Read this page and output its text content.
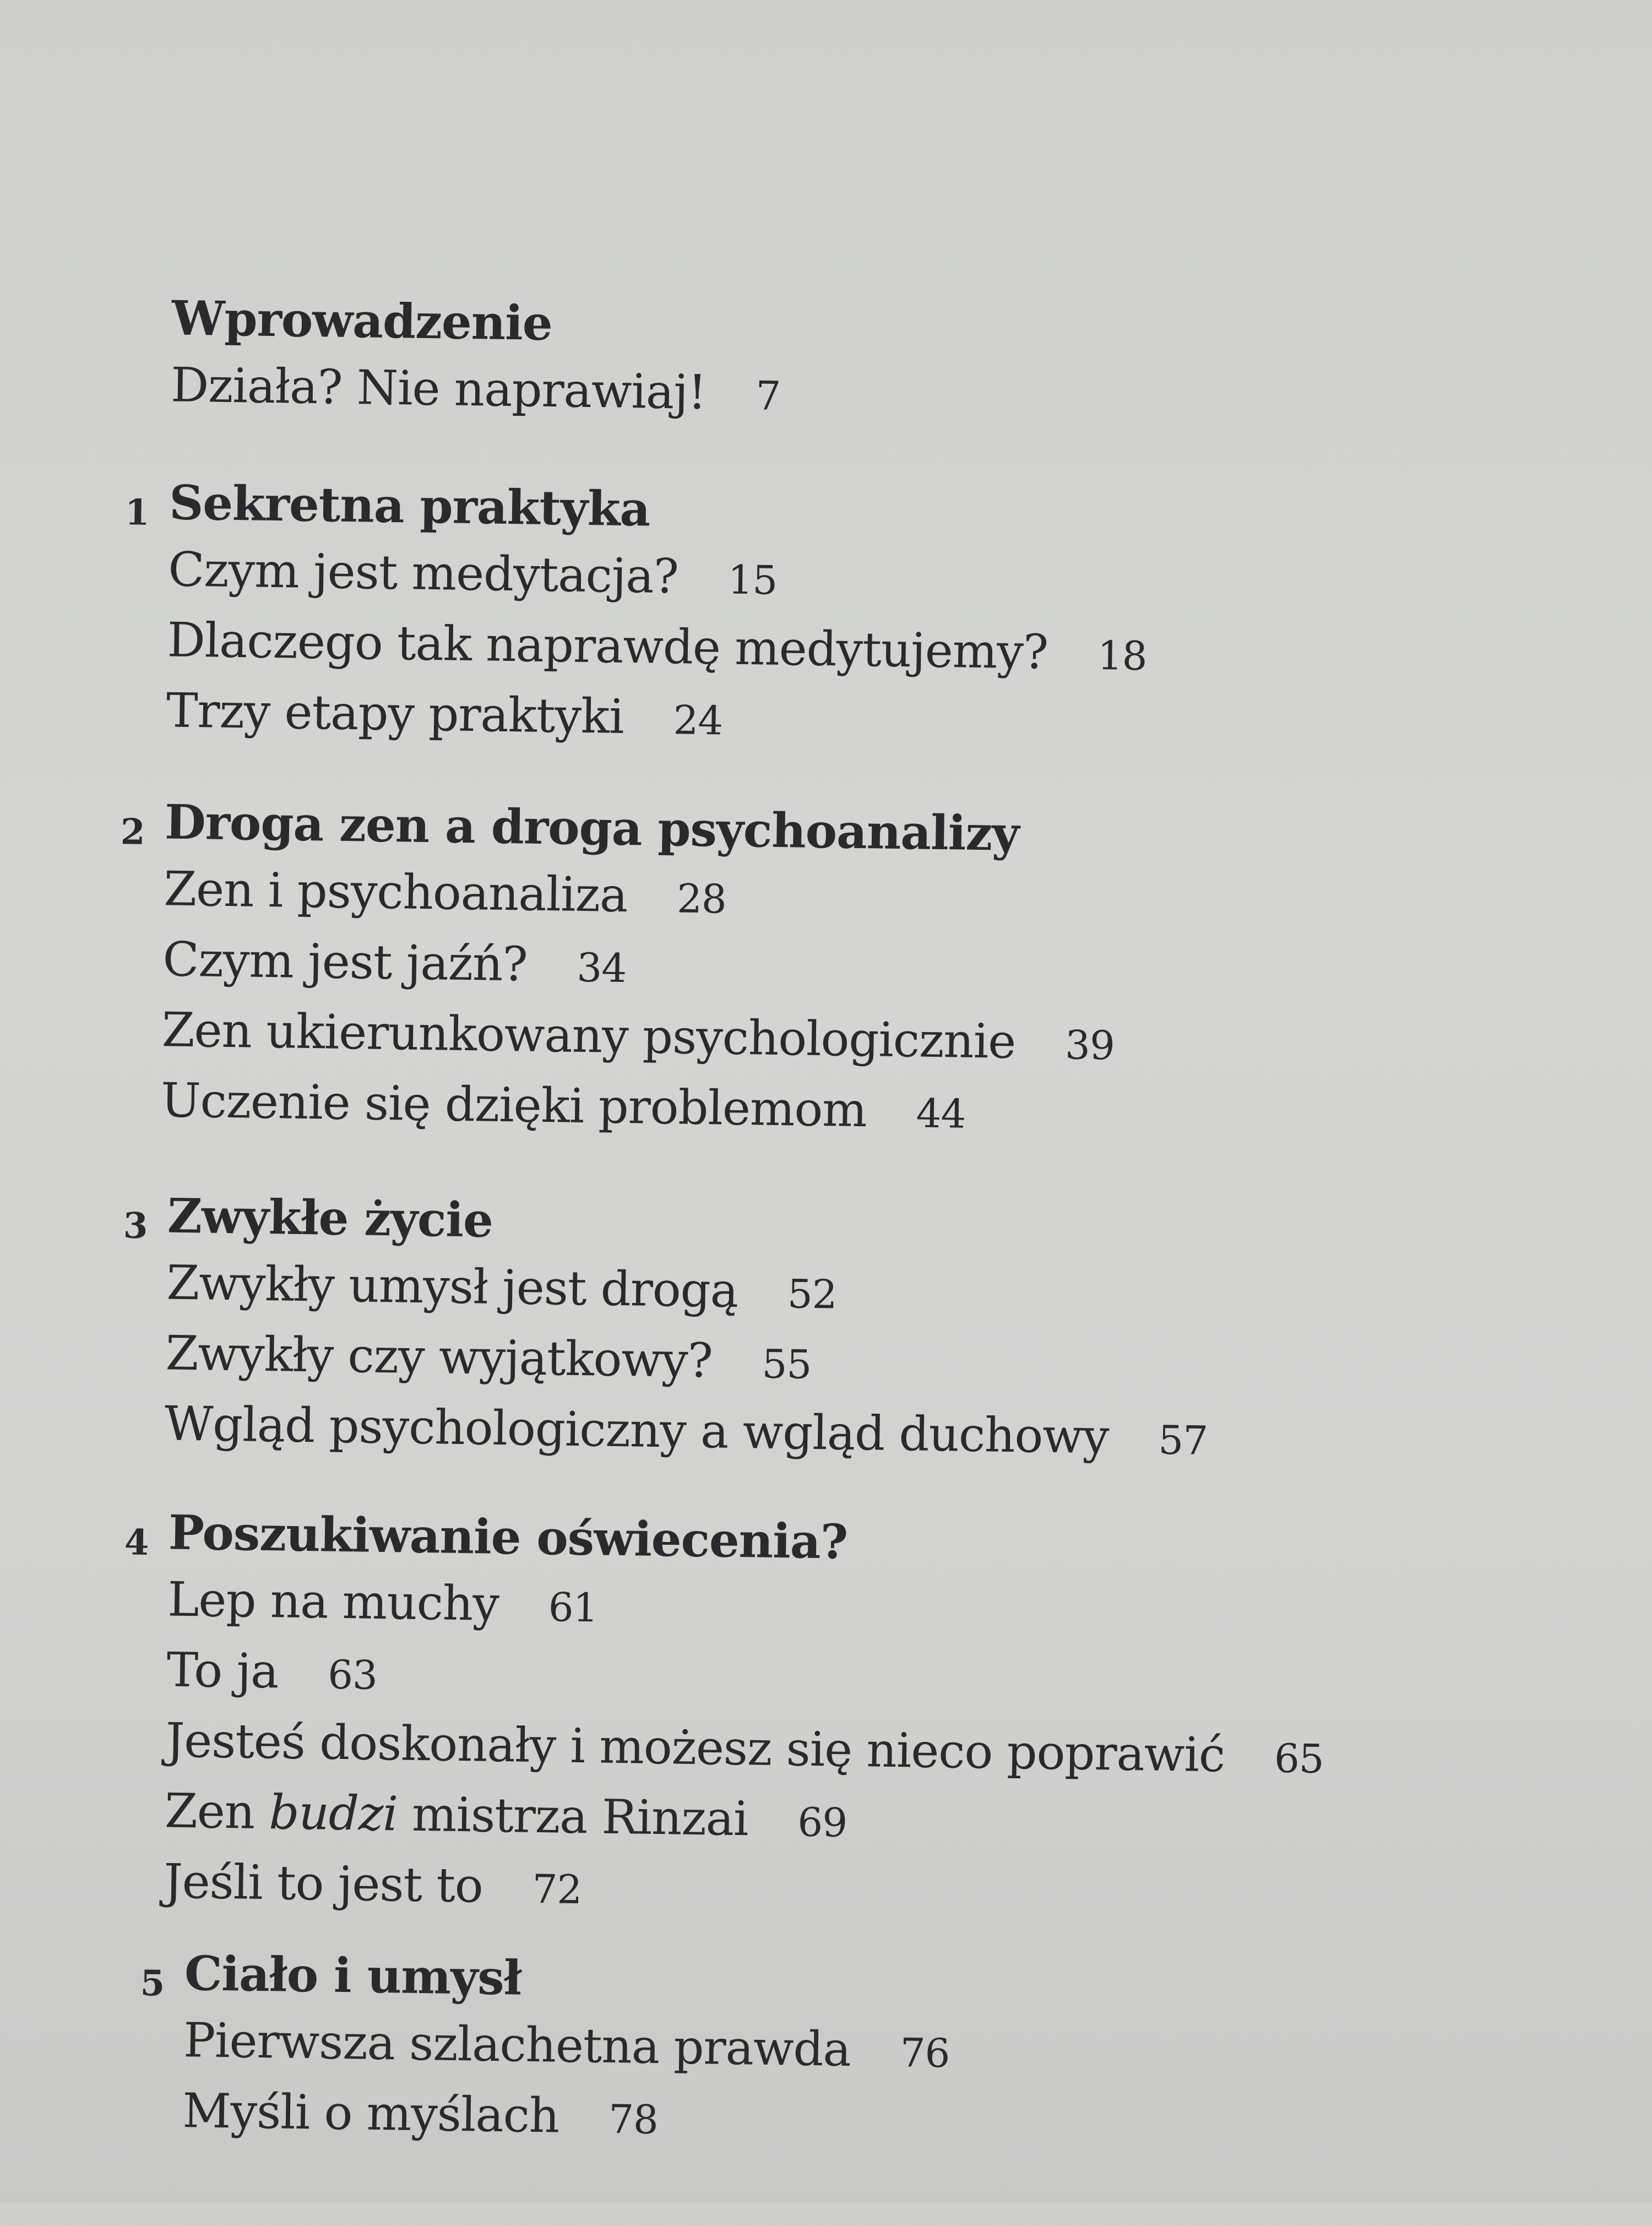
Wprowadzenie
Działa? Nie naprawiaj! 7
1 Sekretna praktyka
Czym jest medytacja? 15
Dlaczego tak naprawdę medytujemy? 18
Trzy etapy praktyki 24
2 Droga zen a droga psychoanalizy
Zen i psychoanaliza 28
Czym jest jaźń? 34
Zen ukierunkowany psychologicznie 39
Uczenie się dzięki problemom 44
3 Zwykłe życie
Zwykły umysł jest drogą 52
Zwykły czy wyjątkowy? 55
Wgląd psychologiczny a wgląd duchowy 57
4 Poszukiwanie oświecenia?
Lep na muchy 61
To ja 63
Jesteś doskonały i możesz się nieco poprawić 65
Zen budzi mistrza Rinzai 69
Jeśli to jest to 72
5 Ciało i umysł
Pierwsza szlachetna prawda 76
Myśli o myślach 78
